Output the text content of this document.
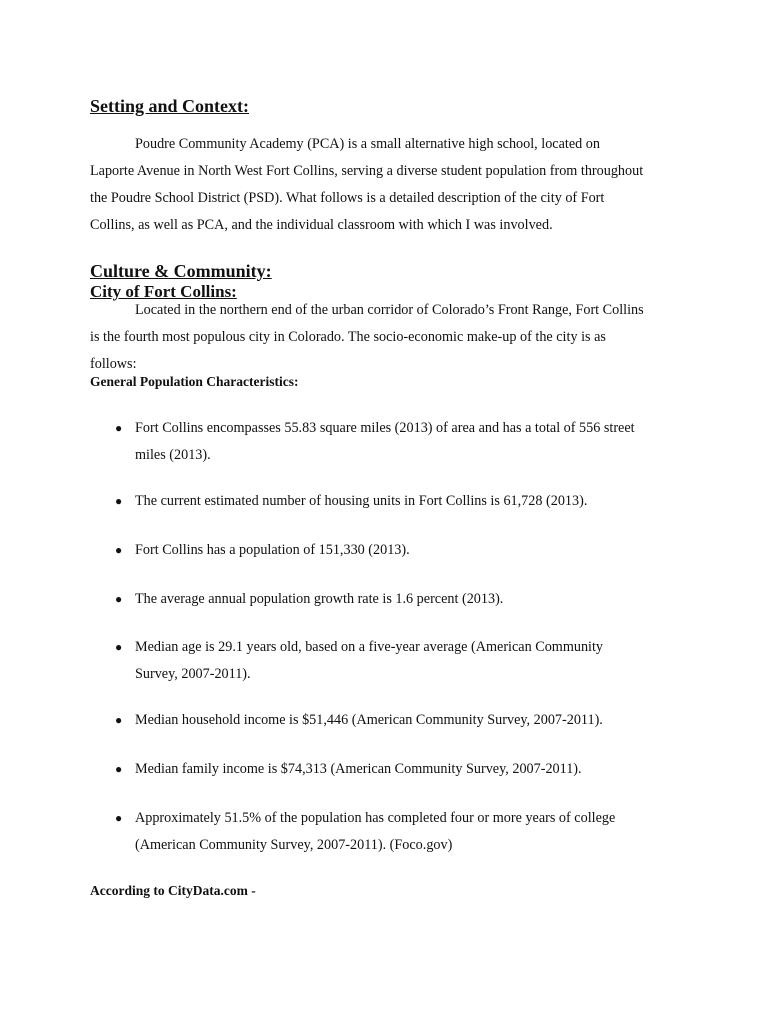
Setting and Context:

Poudre Community Academy (PCA) is a small alternative high school, located on
Laporte Avenue in North West Fort Collins, serving a diverse student population from throughout
the Poudre School District (PSD). What follows is a detailed description of the city of Fort
Collins, as well as PCA, and the individual classroom with which I was involved.

Culture & Community:
City of Fort Collins:

Located in the northern end of the urban corridor of Colorado’s Front Range, Fort Collins
is the fourth most populous city in Colorado. The socio-economic make-up of the city is as
follows:

General Population Characteristics:
● Fort Collins encompasses 55.83 square miles (2013) of area and has a total of 556 street
miles (2013).
● The current estimated number of housing units in Fort Collins is 61,728 (2013).
● Fort Collins has a population of 151,330 (2013).
● The average annual population growth rate is 1.6 percent (2013).
● Median age is 29.1 years old, based on a five-year average (American Community
Survey, 2007-2011).
● Median household income is $51,446 (American Community Survey, 2007-2011).
● Median family income is $74,313 (American Community Survey, 2007-2011).
● Approximately 51.5% of the population has completed four or more years of college
(American Community Survey, 2007-2011). (Foco.gov)
According to CityData.com -
